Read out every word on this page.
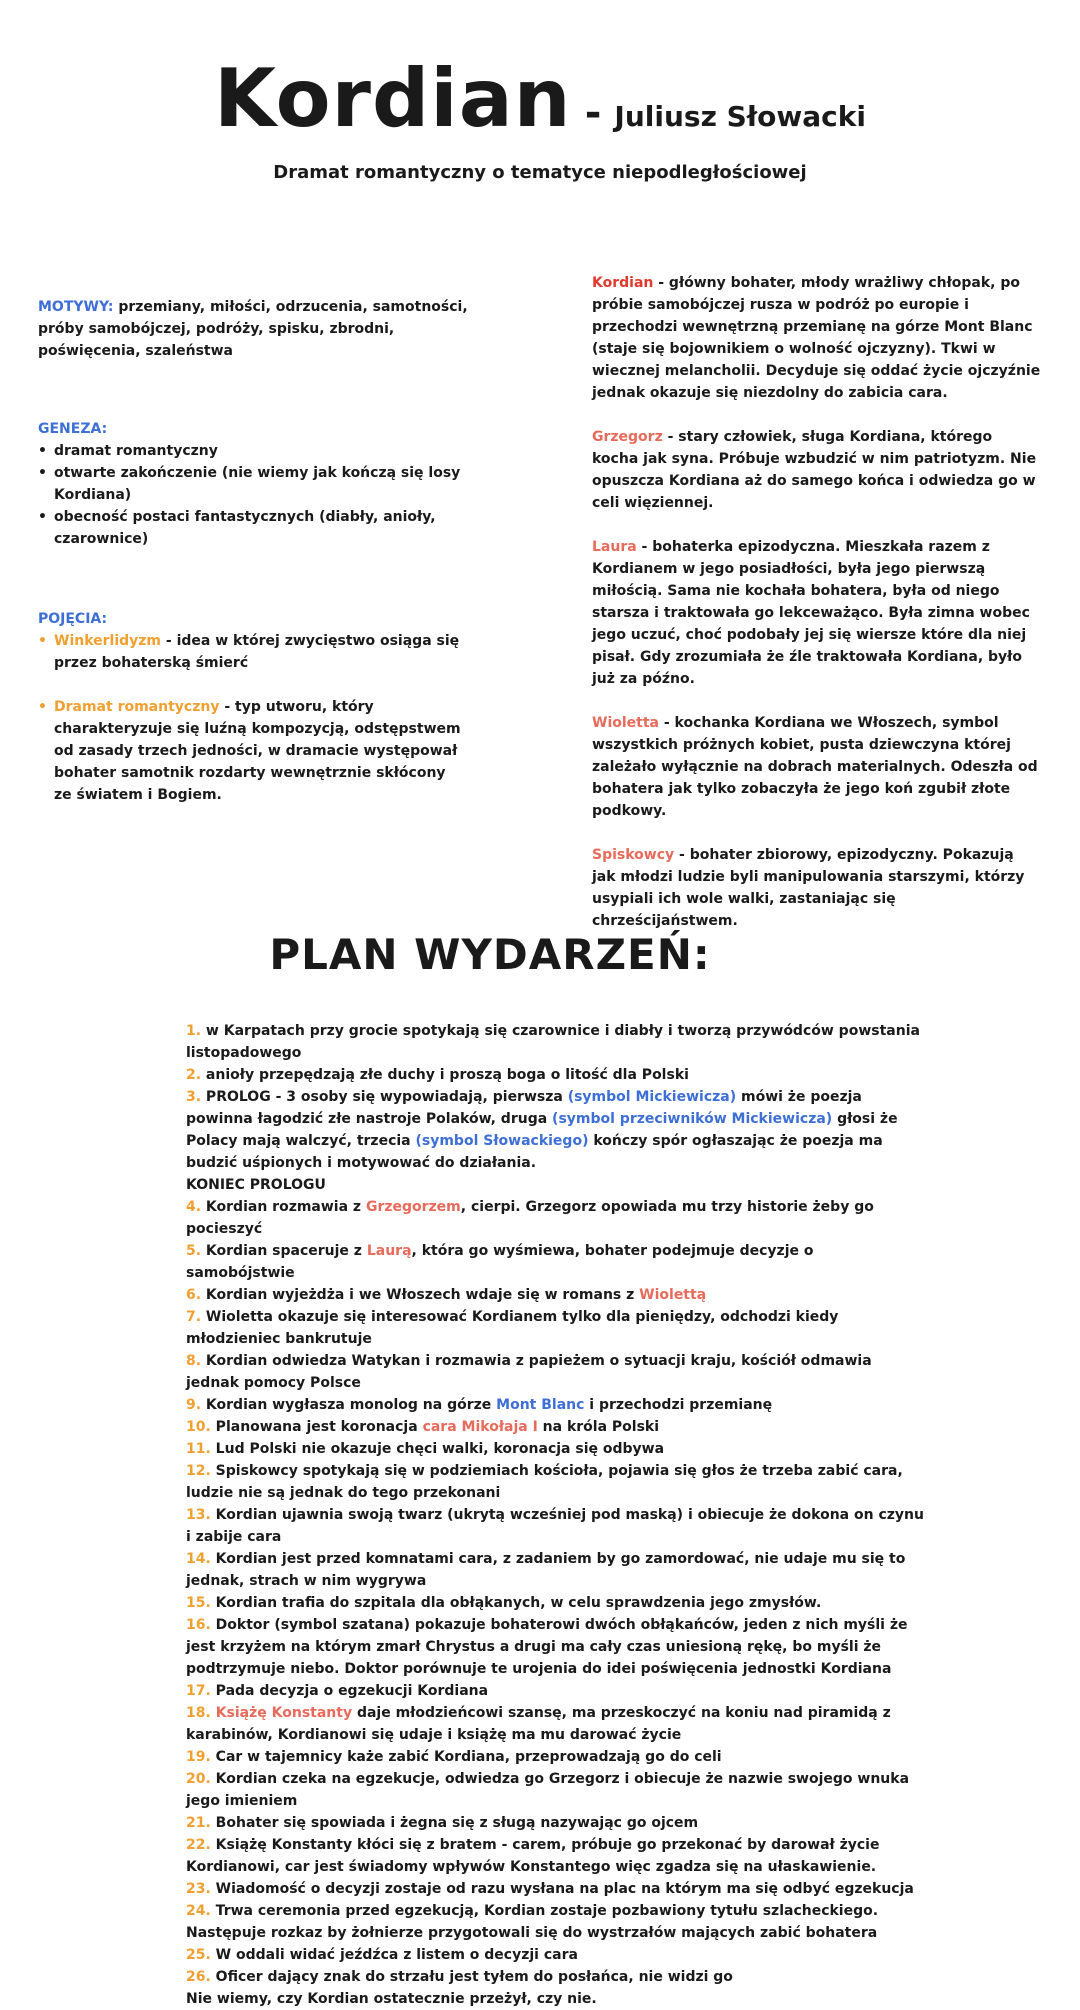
Kordian - Juliusz Słowacki
Dramat romantyczny o tematyce niepodległościowej
MOTYWY: przemiany, miłości, odrzucenia, samotności, próby samobójczej, podróży, spisku, zbrodni, poświęcenia, szaleństwa
GENEZA:
• dramat romantyczny
• otwarte zakończenie (nie wiemy jak kończą się losy Kordiana)
• obecność postaci fantastycznych (diabły, anioły, czarownice)
POJĘCIA:
• Winkerlidyzm - idea w której zwycięstwo osiąga się przez bohaterską śmierć
• Dramat romantyczny - typ utworu, który charakteryzuje się luźną kompozycją, odstępstwem od zasady trzech jedności, w dramacie występował bohater samotnik rozdarty wewnętrznie skłócony ze światem i Bogiem.

Kordian - główny bohater, młody wrażliwy chłopak, po próbie samobójczej rusza w podróż po europie i przechodzi wewnętrzną przemianę na górze Mont Blanc (staje się bojownikiem o wolność ojczyzny). Tkwi w wiecznej melancholii. Decyduje się oddać życie ojczyźnie jednak okazuje się niezdolny do zabicia cara.

Grzegorz - stary człowiek, sługa Kordiana, którego kocha jak syna. Próbuje wzbudzić w nim patriotyzm. Nie opuszcza Kordiana aż do samego końca i odwiedza go w celi więziennej.

Laura - bohaterka epizodyczna. Mieszkała razem z Kordianem w jego posiadłości, była jego pierwszą miłością. Sama nie kochała bohatera, była od niego starsza i traktowała go lekceważąco. Była zimna wobec jego uczuć, choć podobały jej się wiersze które dla niej pisał. Gdy zrozumiała że źle traktowała Kordiana, było już za późno.

Wioletta - kochanka Kordiana we Włoszech, symbol wszystkich próżnych kobiet, pusta dziewczyna której zależało wyłącznie na dobrach materialnych. Odeszła od bohatera jak tylko zobaczyła że jego koń zgubił złote podkowy.

Spiskowcy - bohater zbiorowy, epizodyczny. Pokazują jak młodzi ludzie byli manipulowania starszymi, którzy usypiali ich wole walki, zastaniając się chrześcijaństwem.

PLAN WYDARZEŃ:

1. w Karpatach przy grocie spotykają się czarownice i diabły i tworzą przywódców powstania listopadowego

2. anioły przepędzają złe duchy i proszą boga o litość dla Polski

3. PROLOG - 3 osoby się wypowiadają, pierwsza (symbol Mickiewicza) mówi że poezja powinna łagodzić złe nastroje Polaków, druga (symbol przeciwników Mickiewicza) głosi że Polacy mają walczyć, trzecia (symbol Słowackiego) kończy spór ogłaszając że poezja ma budzić uśpionych i motywować do działania.

KONIEC PROLOGU

4. Kordian rozmawia z Grzegorzem, cierpi. Grzegorz opowiada mu trzy historie żeby go pocieszyć

5. Kordian spaceruje z Laurą, która go wyśmiewa, bohater podejmuje decyzje o samobójstwie

6. Kordian wyjeżdża i we Włoszech wdaje się w romans z Wiolettą

7. Wioletta okazuje się interesować Kordianem tylko dla pieniędzy, odchodzi kiedy młodzieniec bankrutuje

8. Kordian odwiedza Watykan i rozmawia z papieżem o sytuacji kraju, kościół odmawia jednak pomocy Polsce

9. Kordian wygłasza monolog na górze Mont Blanc i przechodzi przemianę

10. Planowana jest koronacja cara Mikołaja I na króla Polski

11. Lud Polski nie okazuje chęci walki, koronacja się odbywa

12. Spiskowcy spotykają się w podziemiach kościoła, pojawia się głos że trzeba zabić cara, ludzie nie są jednak do tego przekonani

13. Kordian ujawnia swoją twarz (ukrytą wcześniej pod maską) i obiecuje że dokona on czynu i zabije cara

14. Kordian jest przed komnatami cara, z zadaniem by go zamordować, nie udaje mu się to jednak, strach w nim wygrywa

15. Kordian trafia do szpitala dla obłąkanych, w celu sprawdzenia jego zmysłów.

16. Doktor (symbol szatana) pokazuje bohaterowi dwóch obłąkańców, jeden z nich myśli że jest krzyżem na którym zmarł Chrystus a drugi ma cały czas uniesioną rękę, bo myśli że podtrzymuje niebo. Doktor porównuje te urojenia do idei poświęcenia jednostki Kordiana

17. Pada decyzja o egzekucji Kordiana

18. Książę Konstanty daje młodzieńcowi szansę, ma przeskoczyć na koniu nad piramidą z karabinów, Kordianowi się udaje i książę ma mu darować życie

19. Car w tajemnicy każe zabić Kordiana, przeprowadzają go do celi

20. Kordian czeka na egzekucje, odwiedza go Grzegorz i obiecuje że nazwie swojego wnuka jego imieniem

21. Bohater się spowiada i żegna się z sługą nazywając go ojcem

22. Książę Konstanty kłóci się z bratem - carem, próbuje go przekonać by darował życie Kordianowi, car jest świadomy wpływów Konstantego więc zgadza się na ułaskawienie.

23. Wiadomość o decyzji zostaje od razu wysłana na plac na którym ma się odbyć egzekucja

24. Trwa ceremonia przed egzekucją, Kordian zostaje pozbawiony tytułu szlacheckiego. Następuje rozkaz by żołnierze przygotowali się do wystrzałów mających zabić bohatera

25. W oddali widać jeźdźca z listem o decyzji cara

26. Oficer dający znak do strzału jest tyłem do posłańca, nie widzi go

Nie wiemy, czy Kordian ostatecznie przeżył, czy nie.
